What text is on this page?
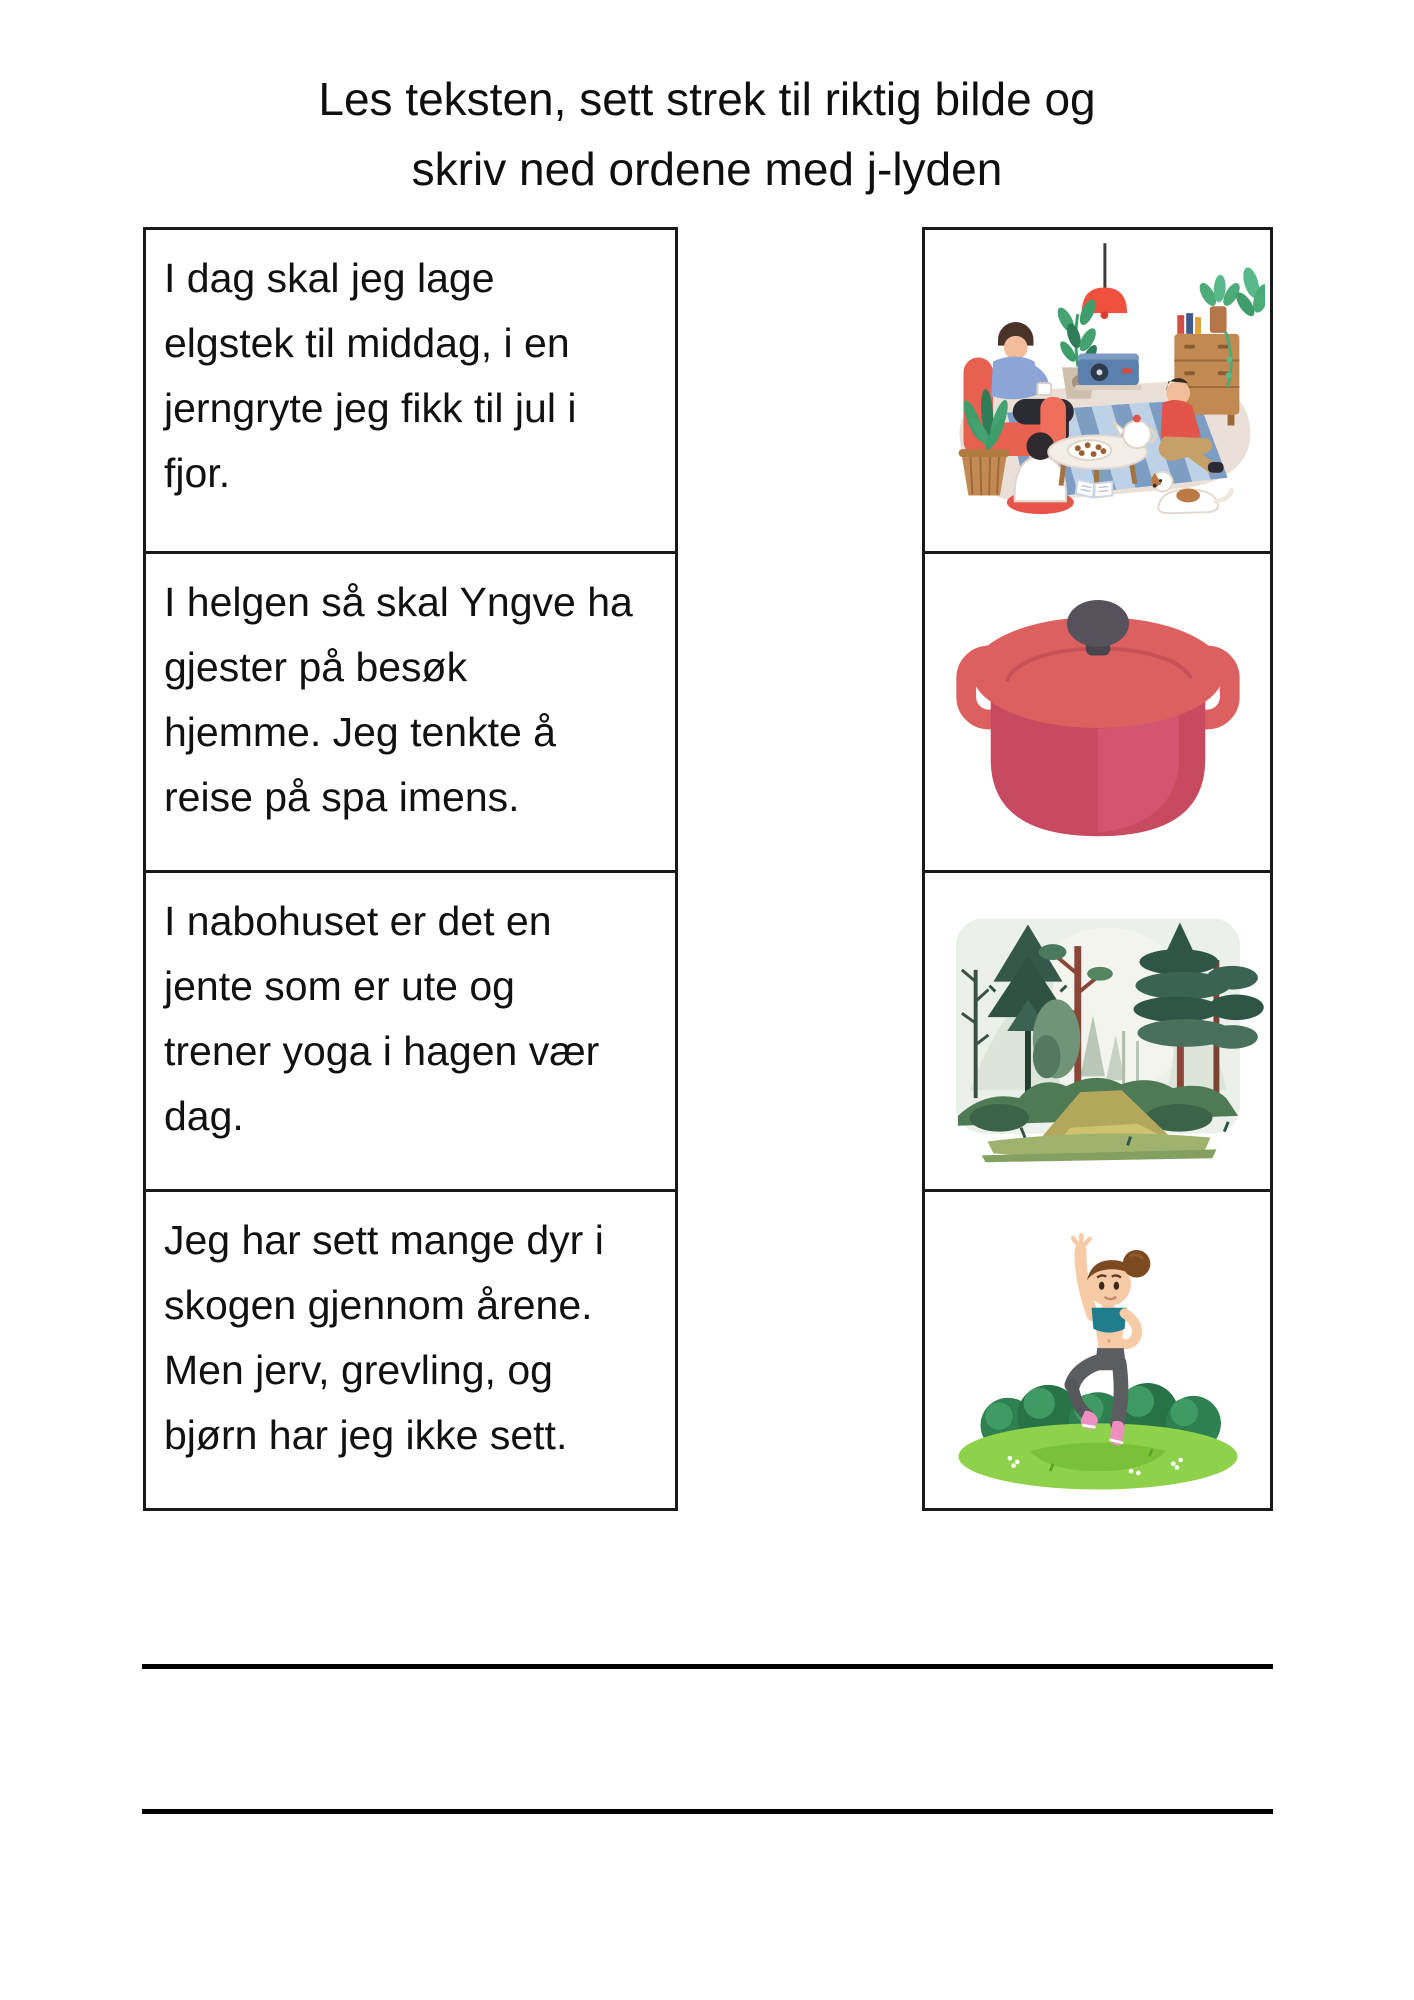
Les teksten, sett strek til riktig bilde og
skriv ned ordene med j-lyden
I dag skal jeg lage
elgstek til middag, i en
jerngryte jeg fikk til jul i
fjor.
I helgen så skal Yngve ha
gjester på besøk
hjemme. Jeg tenkte å
reise på spa imens.
I nabohuset er det en
jente som er ute og
trener yoga i hagen vær
dag.
Jeg har sett mange dyr i
skogen gjennom årene.
Men jerv, grevling, og
bjørn har jeg ikke sett.
